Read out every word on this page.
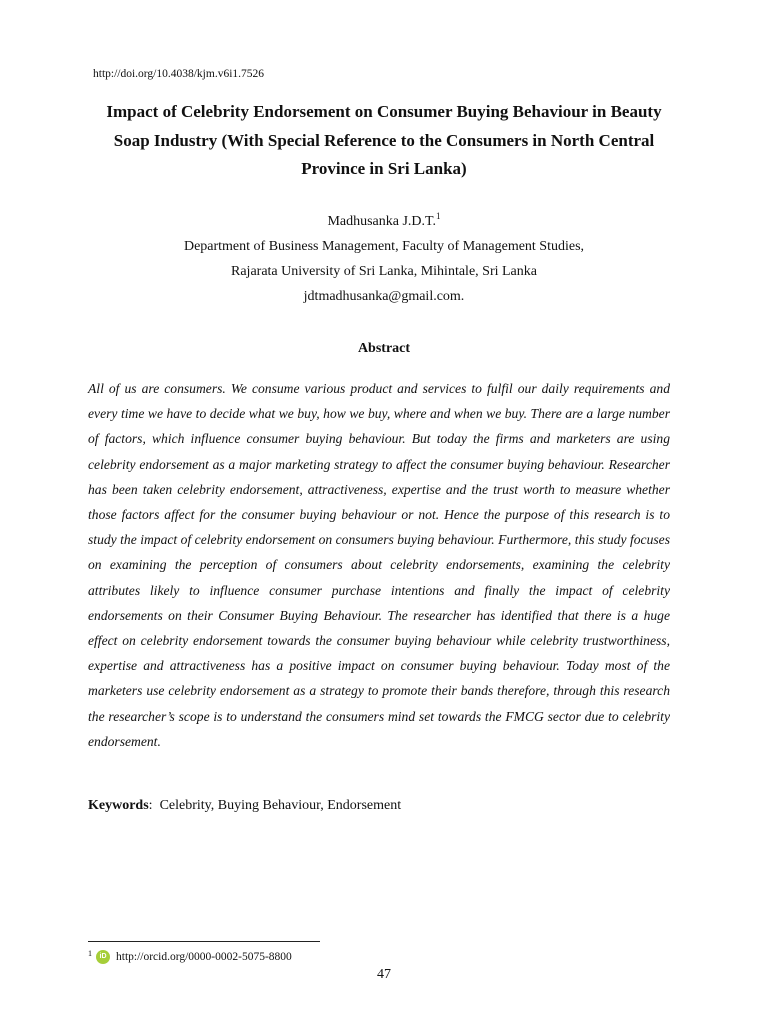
http://doi.org/10.4038/kjm.v6i1.7526
Impact of Celebrity Endorsement on Consumer Buying Behaviour in Beauty
Soap Industry (With Special Reference to the Consumers in North Central
Province in Sri Lanka)
Madhusanka J.D.T.$^1$
Department of Business Management, Faculty of Management Studies,
Rajarata University of Sri Lanka, Mihintale, Sri Lanka
jdtmadhusanka@gmail.com.
Abstract
All of us are consumers. We consume various product and services to fulfil our daily requirements and every time we have to decide what we buy, how we buy, where and when we buy. There are a large number of factors, which influence consumer buying behaviour. But today the firms and marketers are using celebrity endorsement as a major marketing strategy to affect the consumer buying behaviour. Researcher has been taken celebrity endorsement, attractiveness, expertise and the trust worth to measure whether those factors affect for the consumer buying behaviour or not. Hence the purpose of this research is to study the impact of celebrity endorsement on consumers buying behaviour. Furthermore, this study focuses on examining the perception of consumers about celebrity endorsements, examining the celebrity attributes likely to influence consumer purchase intentions and finally the impact of celebrity endorsements on their Consumer Buying Behaviour. The researcher has identified that there is a huge effect on celebrity endorsement towards the consumer buying behaviour while celebrity trustworthiness, expertise and attractiveness has a positive impact on consumer buying behaviour. Today most of the marketers use celebrity endorsement as a strategy to promote their bands therefore, through this research the researcher’s scope is to understand the consumers mind set towards the FMCG sector due to celebrity endorsement.
Keywords: Celebrity, Buying Behaviour, Endorsement
1	iD http://orcid.org/0000-0002-5075-8800
47
